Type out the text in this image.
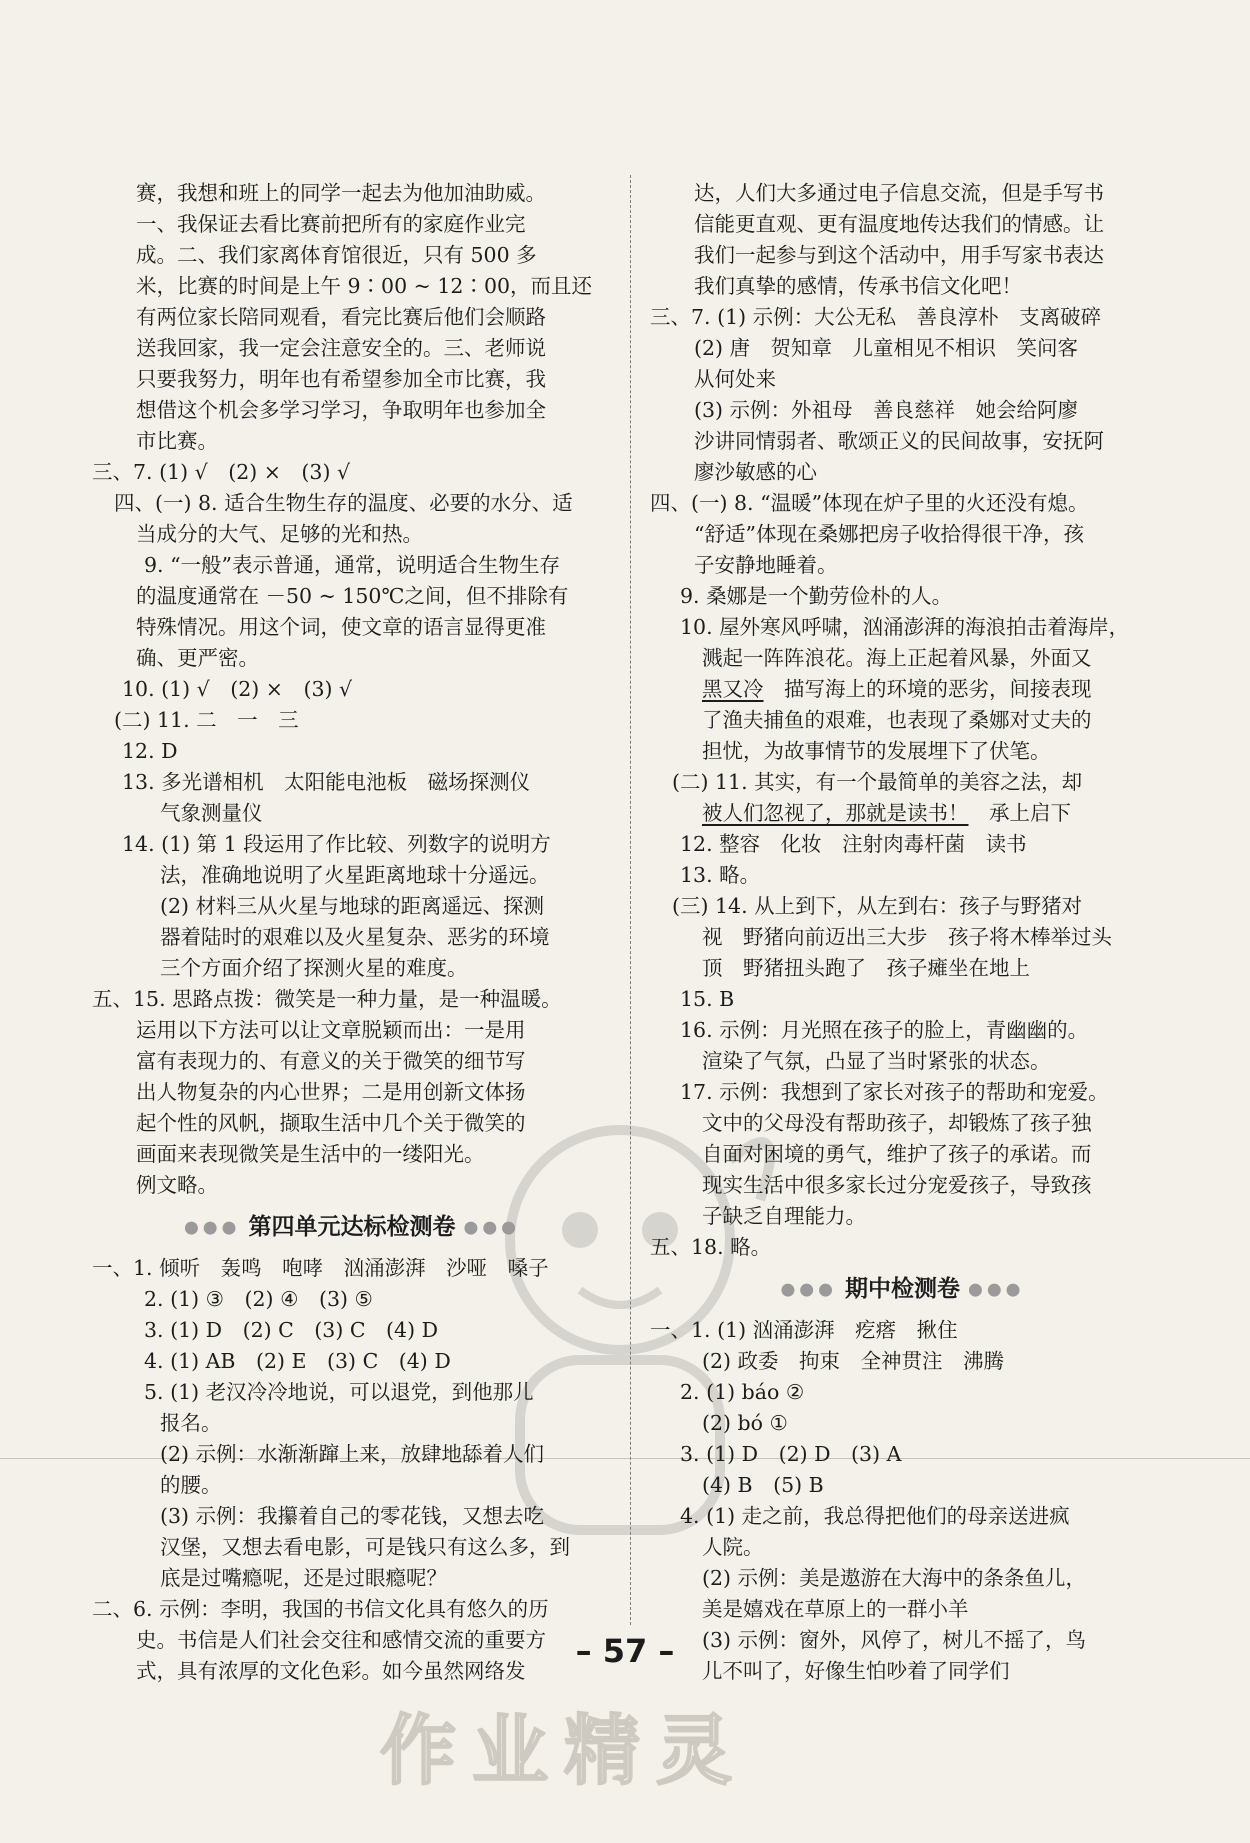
赛，我想和班上的同学一起去为他加油助威。
一、我保证去看比赛前把所有的家庭作业完
成。二、我们家离体育馆很近，只有 500 多
米，比赛的时间是上午 9∶00 ~ 12∶00，而且还
有两位家长陪同观看，看完比赛后他们会顺路
送我回家，我一定会注意安全的。三、老师说
只要我努力，明年也有希望参加全市比赛，我
想借这个机会多学习学习，争取明年也参加全
市比赛。
三、7. (1) √　(2) ×　(3) √
四、(一) 8. 适合生物生存的温度、必要的水分、适
当成分的大气、足够的光和热。
9. “一般”表示普通，通常，说明适合生物生存
的温度通常在 －50 ~ 150℃之间，但不排除有
特殊情况。用这个词，使文章的语言显得更准
确、更严密。
10. (1) √　(2) ×　(3) √
(二) 11. 二　一　三
12. D
13. 多光谱相机　太阳能电池板　磁场探测仪
气象测量仪
14. (1) 第 1 段运用了作比较、列数字的说明方
法，准确地说明了火星距离地球十分遥远。
(2) 材料三从火星与地球的距离遥远、探测
器着陆时的艰难以及火星复杂、恶劣的环境
三个方面介绍了探测火星的难度。
五、15. 思路点拨：微笑是一种力量，是一种温暖。
运用以下方法可以让文章脱颖而出：一是用
富有表现力的、有意义的关于微笑的细节写
出人物复杂的内心世界；二是用创新文体扬
起个性的风帆，撷取生活中几个关于微笑的
画面来表现微笑是生活中的一缕阳光。
例文略。
●●● 第四单元达标检测卷 ●●●
一、1. 倾听　轰鸣　咆哮　汹涌澎湃　沙哑　嗓子
2. (1) ③　(2) ④　(3) ⑤
3. (1) D　(2) C　(3) C　(4) D
4. (1) AB　(2) E　(3) C　(4) D
5. (1) 老汉冷冷地说，可以退党，到他那儿
报名。
(2) 示例：水渐渐蹿上来，放肆地舔着人们
的腰。
(3) 示例：我攥着自己的零花钱，又想去吃
汉堡，又想去看电影，可是钱只有这么多，到
底是过嘴瘾呢，还是过眼瘾呢？
二、6. 示例：李明，我国的书信文化具有悠久的历
史。书信是人们社会交往和感情交流的重要方
式，具有浓厚的文化色彩。如今虽然网络发
达，人们大多通过电子信息交流，但是手写书
信能更直观、更有温度地传达我们的情感。让
我们一起参与到这个活动中，用手写家书表达
我们真挚的感情，传承书信文化吧！
三、7. (1) 示例：大公无私　善良淳朴　支离破碎
(2) 唐　贺知章　儿童相见不相识　笑问客
从何处来
(3) 示例：外祖母　善良慈祥　她会给阿廖
沙讲同情弱者、歌颂正义的民间故事，安抚阿
廖沙敏感的心
四、(一) 8. “温暖”体现在炉子里的火还没有熄。
“舒适”体现在桑娜把房子收拾得很干净，孩
子安静地睡着。
9. 桑娜是一个勤劳俭朴的人。
10. 屋外寒风呼啸，汹涌澎湃的海浪拍击着海岸，
溅起一阵阵浪花。海上正起着风暴，外面又
黑又冷　 描写海上的环境的恶劣，间接表现
了渔夫捕鱼的艰难，也表现了桑娜对丈夫的
担忧，为故事情节的发展埋下了伏笔。
(二) 11. 其实，有一个最简单的美容之法，却
被人们忽视了，那就是读书！　 承上启下
12. 整容　化妆　注射肉毒杆菌　读书
13. 略。
(三) 14. 从上到下，从左到右：孩子与野猪对
视　野猪向前迈出三大步　孩子将木棒举过头
顶　野猪扭头跑了　孩子瘫坐在地上
15. B
16. 示例：月光照在孩子的脸上，青幽幽的。
渲染了气氛，凸显了当时紧张的状态。
17. 示例：我想到了家长对孩子的帮助和宠爱。
文中的父母没有帮助孩子，却锻炼了孩子独
自面对困境的勇气，维护了孩子的承诺。而
现实生活中很多家长过分宠爱孩子，导致孩
子缺乏自理能力。
五、18. 略。
●●● 期中检测卷 ●●●
一、1. (1) 汹涌澎湃　疙瘩　揪住
(2) 政委　拘束　全神贯注　沸腾
2. (1) báo ②
(2) bó ①
3. (1) D　(2) D　(3) A
(4) B　(5) B
4. (1) 走之前，我总得把他们的母亲送进疯
人院。
(2) 示例：美是遨游在大海中的条条鱼儿，
美是嬉戏在草原上的一群小羊
(3) 示例：窗外，风停了，树儿不摇了，鸟
儿不叫了，好像生怕吵着了同学们
– 57 –
作业精灵
